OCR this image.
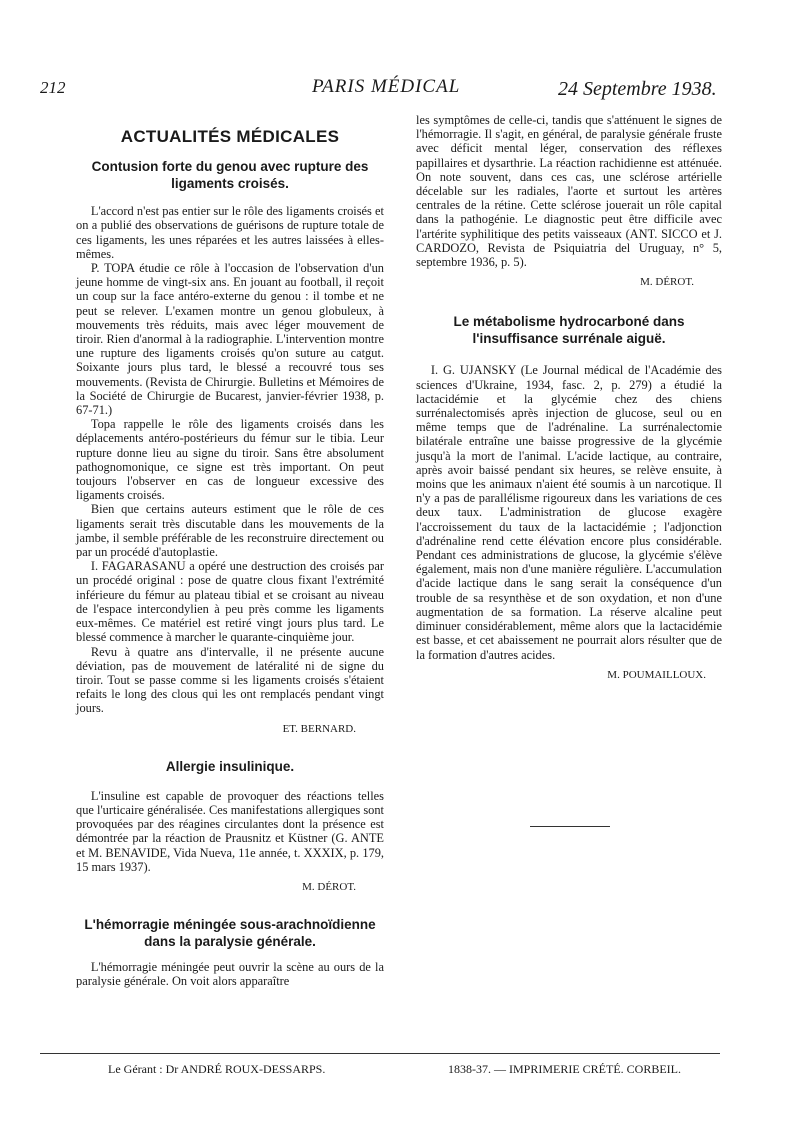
212	PARIS MÉDICAL	24 Septembre 1938.
ACTUALITÉS MÉDICALES
Contusion forte du genou avec rupture des ligaments croisés.

L'accord n'est pas entier sur le rôle des ligaments croisés et on a publié des observations de guérisons de rupture totale de ces ligaments, les unes réparées et les autres laissées à elles-mêmes.

P. TOPA étudie ce rôle à l'occasion de l'observation d'un jeune homme de vingt-six ans. En jouant au football, il reçoit un coup sur la face antéro-externe du genou : il tombe et ne peut se relever. L'examen montre un genou globuleux, à mouvements très réduits, mais avec léger mouvement de tiroir. Rien d'anormal à la radiographie. L'intervention montre une rupture des ligaments croisés qu'on suture au catgut. Soixante jours plus tard, le blessé a recouvré tous ses mouvements. (Revista de Chirurgie. Bulletins et Mémoires de la Société de Chirurgie de Bucarest, janvier-février 1938, p. 67-71.)

Topa rappelle le rôle des ligaments croisés dans les déplacements antéro-postérieurs du fémur sur le tibia. Leur rupture donne lieu au signe du tiroir. Sans être absolument pathognomonique, ce signe est très important. On peut toujours l'observer en cas de longueur excessive des ligaments croisés.

Bien que certains auteurs estiment que le rôle de ces ligaments serait très discutable dans les mouvements de la jambe, il semble préférable de les reconstruire directement ou par un procédé d'autoplastie.

I. FAGARASANU a opéré une destruction des croisés par un procédé original : pose de quatre clous fixant l'extrémité inférieure du fémur au plateau tibial et se croisant au niveau de l'espace intercondylien à peu près comme les ligaments eux-mêmes. Ce matériel est retiré vingt jours plus tard. Le blessé commence à marcher le quarante-cinquième jour.

Revu à quatre ans d'intervalle, il ne présente aucune déviation, pas de mouvement de latéralité ni de signe du tiroir. Tout se passe comme si les ligaments croisés s'étaient refaits le long des clous qui les ont remplacés pendant vingt jours.

ET. BERNARD.
Allergie insulinique.

L'insuline est capable de provoquer des réactions telles que l'urticaire généralisée. Ces manifestations allergiques sont provoquées par des réagines circulantes dont la présence est démontrée par la réaction de Prausnitz et Küstner (G. ANTE et M. BENAVIDE, Vida Nueva, 11e année, t. XXXIX, p. 179, 15 mars 1937).

M. DÉROT.
L'hémorragie méningée sous-arachnoïdienne dans la paralysie générale.

L'hémorragie méningée peut ouvrir la scène au ours de la paralysie générale. On voit alors apparaître

les symptômes de celle-ci, tandis que s'atténuent le signes de l'hémorragie. Il s'agit, en général, de paralysie générale fruste avec déficit mental léger, conservation des réflexes papillaires et dysarthrie. La réaction rachidienne est atténuée. On note souvent, dans ces cas, une sclérose artérielle décelable sur les radiales, l'aorte et surtout les artères centrales de la rétine. Cette sclérose jouerait un rôle capital dans la pathogénie. Le diagnostic peut être difficile avec l'artérite syphilitique des petits vaisseaux (ANT. SICCO et J. CARDOZO, Revista de Psiquiatria del Uruguay, n° 5, septembre 1936, p. 5).

M. DÉROT.
Le métabolisme hydrocarboné dans l'insuffisance surrénale aiguë.

I. G. UJANSKY (Le Journal médical de l'Académie des sciences d'Ukraine, 1934, fasc. 2, p. 279) a étudié la lactacidémie et la glycémie chez des chiens surrénalectomisés après injection de glucose, seul ou en même temps que de l'adrénaline. La surrénalectomie bilatérale entraîne une baisse progressive de la glycémie jusqu'à la mort de l'animal. L'acide lactique, au contraire, après avoir baissé pendant six heures, se relève ensuite, à moins que les animaux n'aient été soumis à un narcotique. Il n'y a pas de parallélisme rigoureux dans les variations de ces deux taux. L'administration de glucose exagère l'accroissement du taux de la lactacidémie ; l'adjonction d'adrénaline rend cette élévation encore plus considérable. Pendant ces administrations de glucose, la glycémie s'élève également, mais non d'une manière régulière. L'accumulation d'acide lactique dans le sang serait la conséquence d'un trouble de sa resynthèse et de son oxydation, et non d'une augmentation de sa formation. La réserve alcaline peut diminuer considérablement, même alors que la lactacidémie est basse, et cet abaissement ne pourrait alors résulter que de la formation d'autres acides.

M. POUMAILLOUX.
Le Gérant : Dr ANDRÉ ROUX-DESSARPS.	1838-37. — IMPRIMERIE CRÉTÉ. CORBEIL.
